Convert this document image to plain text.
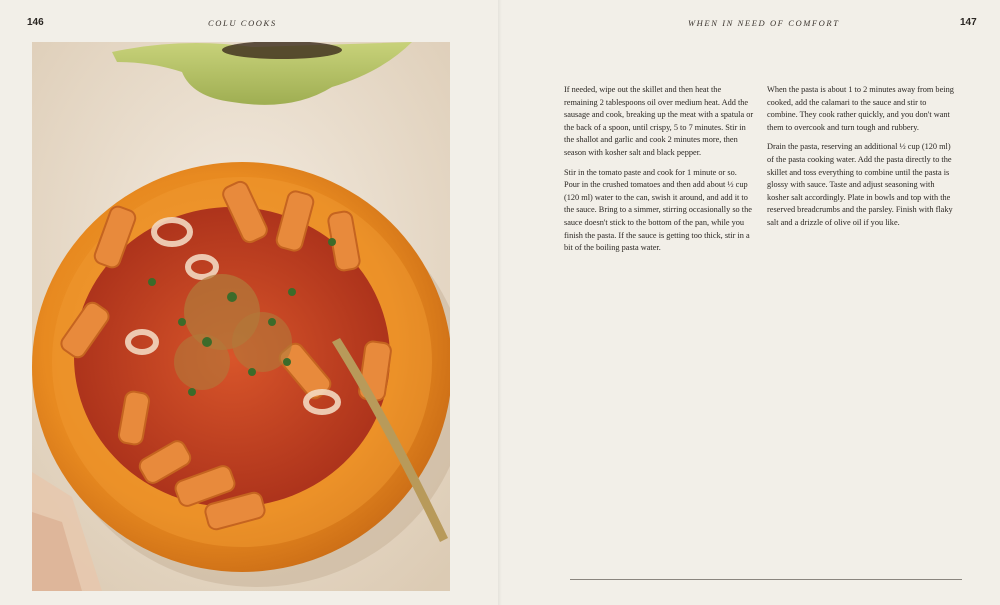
146	COLU COOKS	WHEN IN NEED OF COMFORT	147

If needed, wipe out the skillet and then heat the remaining 2 tablespoons oil over medium heat. Add the sausage and cook, breaking up the meat with a spatula or the back of a spoon, until crispy, 5 to 7 minutes. Stir in the shallot and garlic and cook 2 minutes more, then season with kosher salt and black pepper.

Stir in the tomato paste and cook for 1 minute or so. Pour in the crushed tomatoes and then add about ½ cup (120 ml) water to the can, swish it around, and add it to the sauce. Bring to a simmer, stirring occasionally so the sauce doesn't stick to the bottom of the pan, while you finish the pasta. If the sauce is getting too thick, stir in a bit of the boiling pasta water.

When the pasta is about 1 to 2 minutes away from being cooked, add the calamari to the sauce and stir to combine. They cook rather quickly, and you don't want them to overcook and turn tough and rubbery.

Drain the pasta, reserving an additional ½ cup (120 ml) of the pasta cooking water. Add the pasta directly to the skillet and toss everything to combine until the pasta is glossy with sauce. Taste and adjust seasoning with kosher salt accordingly. Plate in bowls and top with the reserved breadcrumbs and the parsley. Finish with flaky salt and a drizzle of olive oil if you like.
